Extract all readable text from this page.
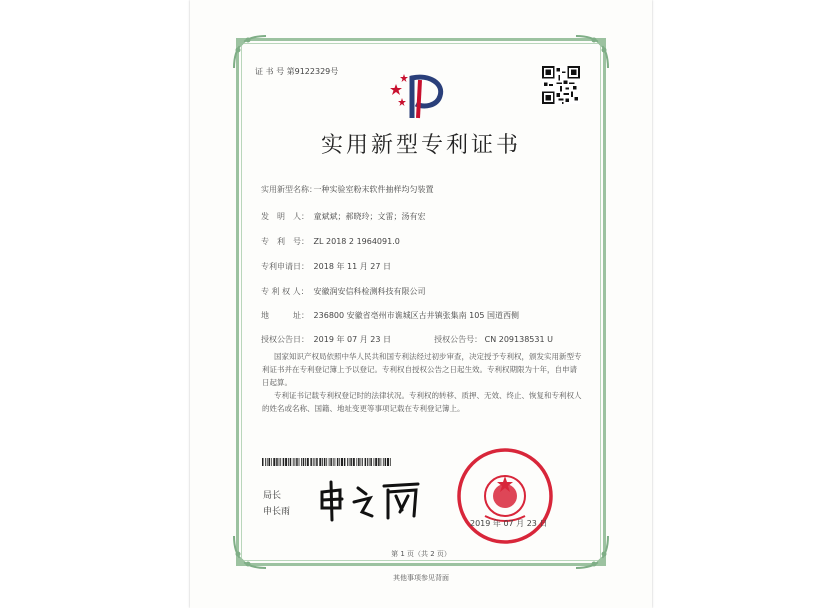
证 书 号 第9122329号
实用新型专利证书
实用新型名称： 一种实验室粉末软件抽样均匀装置
发　明　人： 童斌斌；郝晓玲；文雷；汤有宏
专　利　号： ZL 2018 2 1964091.0
专利申请日： 2018 年 11 月 27 日
专 利 权 人： 安徽润安信科检测科技有限公司
地　　　址： 236800 安徽省亳州市谯城区古井镇张集南 105 国道西侧
授权公告日： 2019 年 07 月 23 日	授权公告号： CN 209138531 U
国家知识产权局依照中华人民共和国专利法经过初步审查，决定授予专利权，颁发实用新型专利证书并在专利登记簿上予以登记。专利权自授权公告之日起生效。专利权期限为十年，自申请日起算。
专利证书记载专利权登记时的法律状况。专利权的转移、质押、无效、终止、恢复和专利权人的姓名或名称、国籍、地址变更等事项记载在专利登记簿上。
局长
申长雨
2019 年 07 月 23 日
第 1 页（共 2 页）
其他事项参见背面
